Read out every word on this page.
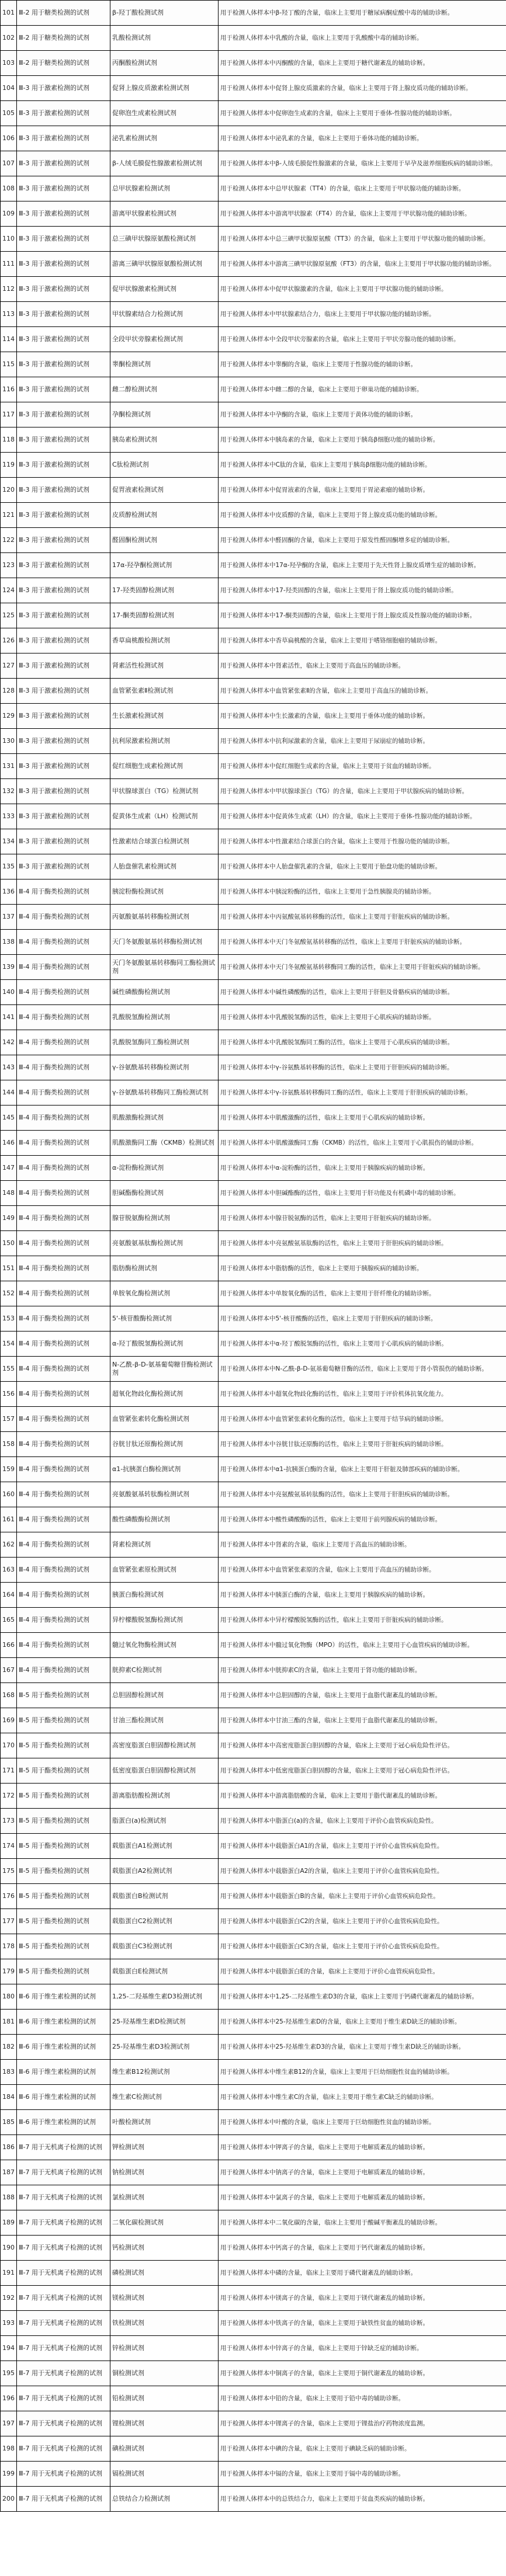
101	Ⅲ-2 用于糖类检测的试剂	β-羟丁酸检测试剂	用于检测人体样本中β-羟丁酸的含量，临床上主要用于糖尿病酮症酸中毒的辅助诊断。
102	Ⅲ-2 用于糖类检测的试剂	乳酸检测试剂	用于检测人体样本中乳酸的含量，临床上主要用于乳酸酸中毒的辅助诊断。
103	Ⅲ-2 用于糖类检测的试剂	丙酮酸检测试剂	用于检测人体样本中丙酮酸的含量，临床上主要用于糖代谢紊乱的辅助诊断。
104	Ⅲ-3 用于激素检测的试剂	促肾上腺皮质激素检测试剂	用于检测人体样本中促肾上腺皮质激素的含量，临床上主要用于肾上腺皮质功能的辅助诊断。
105	Ⅲ-3 用于激素检测的试剂	促卵泡生成素检测试剂	用于检测人体样本中促卵泡生成素的含量，临床上主要用于垂体-性腺功能的辅助诊断。
106	Ⅲ-3 用于激素检测的试剂	泌乳素检测试剂	用于检测人体样本中泌乳素的含量，临床上主要用于垂体功能的辅助诊断。
107	Ⅲ-3 用于激素检测的试剂	β-人绒毛膜促性腺激素检测试剂	用于检测人体样本中β-人绒毛膜促性腺激素的含量，临床上主要用于早孕及滋养细胞疾病的辅助诊断。
108	Ⅲ-3 用于激素检测的试剂	总甲状腺素检测试剂	用于检测人体样本中总甲状腺素（TT4）的含量，临床上主要用于甲状腺功能的辅助诊断。
109	Ⅲ-3 用于激素检测的试剂	游离甲状腺素检测试剂	用于检测人体样本中游离甲状腺素（FT4）的含量，临床上主要用于甲状腺功能的辅助诊断。
110	Ⅲ-3 用于激素检测的试剂	总三碘甲状腺原氨酸检测试剂	用于检测人体样本中总三碘甲状腺原氨酸（TT3）的含量，临床上主要用于甲状腺功能的辅助诊断。
111	Ⅲ-3 用于激素检测的试剂	游离三碘甲状腺原氨酸检测试剂	用于检测人体样本中游离三碘甲状腺原氨酸（FT3）的含量，临床上主要用于甲状腺功能的辅助诊断。
112	Ⅲ-3 用于激素检测的试剂	促甲状腺激素检测试剂	用于检测人体样本中促甲状腺激素的含量，临床上主要用于甲状腺功能的辅助诊断。
113	Ⅲ-3 用于激素检测的试剂	甲状腺素结合力检测试剂	用于检测人体样本中甲状腺素结合力，临床上主要用于甲状腺功能的辅助诊断。
114	Ⅲ-3 用于激素检测的试剂	全段甲状旁腺素检测试剂	用于检测人体样本中全段甲状旁腺素的含量，临床上主要用于甲状旁腺功能的辅助诊断。
115	Ⅲ-3 用于激素检测的试剂	睾酮检测试剂	用于检测人体样本中睾酮的含量，临床上主要用于性腺功能的辅助诊断。
116	Ⅲ-3 用于激素检测的试剂	雌二醇检测试剂	用于检测人体样本中雌二醇的含量，临床上主要用于卵巢功能的辅助诊断。
117	Ⅲ-3 用于激素检测的试剂	孕酮检测试剂	用于检测人体样本中孕酮的含量，临床上主要用于黄体功能的辅助诊断。
118	Ⅲ-3 用于激素检测的试剂	胰岛素检测试剂	用于检测人体样本中胰岛素的含量，临床上主要用于胰岛β细胞功能的辅助诊断。
119	Ⅲ-3 用于激素检测的试剂	C肽检测试剂	用于检测人体样本中C肽的含量，临床上主要用于胰岛β细胞功能的辅助诊断。
120	Ⅲ-3 用于激素检测的试剂	促胃液素检测试剂	用于检测人体样本中促胃液素的含量，临床上主要用于胃泌素瘤的辅助诊断。
121	Ⅲ-3 用于激素检测的试剂	皮质醇检测试剂	用于检测人体样本中皮质醇的含量，临床上主要用于肾上腺皮质功能的辅助诊断。
122	Ⅲ-3 用于激素检测的试剂	醛固酮检测试剂	用于检测人体样本中醛固酮的含量，临床上主要用于原发性醛固酮增多症的辅助诊断。
123	Ⅲ-3 用于激素检测的试剂	17α-羟孕酮检测试剂	用于检测人体样本中17α-羟孕酮的含量，临床上主要用于先天性肾上腺皮质增生症的辅助诊断。
124	Ⅲ-3 用于激素检测的试剂	17-羟类固醇检测试剂	用于检测人体样本中17-羟类固醇的含量，临床上主要用于肾上腺皮质功能的辅助诊断。
125	Ⅲ-3 用于激素检测的试剂	17-酮类固醇检测试剂	用于检测人体样本中17-酮类固醇的含量，临床上主要用于肾上腺皮质及性腺功能的辅助诊断。
126	Ⅲ-3 用于激素检测的试剂	香草扁桃酸检测试剂	用于检测人体样本中香草扁桃酸的含量，临床上主要用于嗜铬细胞瘤的辅助诊断。
127	Ⅲ-3 用于激素检测的试剂	肾素活性检测试剂	用于检测人体样本中肾素活性，临床上主要用于高血压的辅助诊断。
128	Ⅲ-3 用于激素检测的试剂	血管紧张素Ⅱ检测试剂	用于检测人体样本中血管紧张素Ⅱ的含量，临床上主要用于高血压的辅助诊断。
129	Ⅲ-3 用于激素检测的试剂	生长激素检测试剂	用于检测人体样本中生长激素的含量，临床上主要用于垂体功能的辅助诊断。
130	Ⅲ-3 用于激素检测的试剂	抗利尿激素检测试剂	用于检测人体样本中抗利尿激素的含量，临床上主要用于尿崩症的辅助诊断。
131	Ⅲ-3 用于激素检测的试剂	促红细胞生成素检测试剂	用于检测人体样本中促红细胞生成素的含量，临床上主要用于贫血的辅助诊断。
132	Ⅲ-3 用于激素检测的试剂	甲状腺球蛋白（TG）检测试剂	用于检测人体样本中甲状腺球蛋白（TG）的含量，临床上主要用于甲状腺疾病的辅助诊断。
133	Ⅲ-3 用于激素检测的试剂	促黄体生成素（LH）检测试剂	用于检测人体样本中促黄体生成素（LH）的含量，临床上主要用于垂体-性腺功能的辅助诊断。
134	Ⅲ-3 用于激素检测的试剂	性激素结合球蛋白检测试剂	用于检测人体样本中性激素结合球蛋白的含量，临床上主要用于性腺功能的辅助诊断。
135	Ⅲ-3 用于激素检测的试剂	人胎盘催乳素检测试剂	用于检测人体样本中人胎盘催乳素的含量，临床上主要用于胎盘功能的辅助诊断。
136	Ⅲ-4 用于酶类检测的试剂	胰淀粉酶检测试剂	用于检测人体样本中胰淀粉酶的活性，临床上主要用于急性胰腺炎的辅助诊断。
137	Ⅲ-4 用于酶类检测的试剂	丙氨酸氨基转移酶检测试剂	用于检测人体样本中丙氨酸氨基转移酶的活性，临床上主要用于肝脏疾病的辅助诊断。
138	Ⅲ-4 用于酶类检测的试剂	天门冬氨酸氨基转移酶检测试剂	用于检测人体样本中天门冬氨酸氨基转移酶的活性，临床上主要用于肝脏疾病的辅助诊断。
139	Ⅲ-4 用于酶类检测的试剂	天门冬氨酸氨基转移酶同工酶检测试剂	用于检测人体样本中天门冬氨酸氨基转移酶同工酶的活性，临床上主要用于肝脏疾病的辅助诊断。
140	Ⅲ-4 用于酶类检测的试剂	碱性磷酸酶检测试剂	用于检测人体样本中碱性磷酸酶的活性，临床上主要用于肝胆及骨骼疾病的辅助诊断。
141	Ⅲ-4 用于酶类检测的试剂	乳酸脱氢酶检测试剂	用于检测人体样本中乳酸脱氢酶的活性，临床上主要用于心肌疾病的辅助诊断。
142	Ⅲ-4 用于酶类检测的试剂	乳酸脱氢酶同工酶检测试剂	用于检测人体样本中乳酸脱氢酶同工酶的活性，临床上主要用于心肌疾病的辅助诊断。
143	Ⅲ-4 用于酶类检测的试剂	γ-谷氨酰基转移酶检测试剂	用于检测人体样本中γ-谷氨酰基转移酶的活性，临床上主要用于肝胆疾病的辅助诊断。
144	Ⅲ-4 用于酶类检测的试剂	γ-谷氨酰基转移酶同工酶检测试剂	用于检测人体样本中γ-谷氨酰基转移酶同工酶的活性，临床上主要用于肝胆疾病的辅助诊断。
145	Ⅲ-4 用于酶类检测的试剂	肌酸激酶检测试剂	用于检测人体样本中肌酸激酶的活性，临床上主要用于心肌疾病的辅助诊断。
146	Ⅲ-4 用于酶类检测的试剂	肌酸激酶同工酶（CKMB）检测试剂	用于检测人体样本中肌酸激酶同工酶（CKMB）的活性，临床上主要用于心肌损伤的辅助诊断。
147	Ⅲ-4 用于酶类检测的试剂	α-淀粉酶检测试剂	用于检测人体样本中α-淀粉酶的活性，临床上主要用于胰腺疾病的辅助诊断。
148	Ⅲ-4 用于酶类检测的试剂	胆碱酯酶检测试剂	用于检测人体样本中胆碱酯酶的活性，临床上主要用于肝功能及有机磷中毒的辅助诊断。
149	Ⅲ-4 用于酶类检测的试剂	腺苷脱氨酶检测试剂	用于检测人体样本中腺苷脱氨酶的活性，临床上主要用于肝脏疾病的辅助诊断。
150	Ⅲ-4 用于酶类检测的试剂	亮氨酸氨基肽酶检测试剂	用于检测人体样本中亮氨酸氨基肽酶的活性，临床上主要用于肝胆疾病的辅助诊断。
151	Ⅲ-4 用于酶类检测的试剂	脂肪酶检测试剂	用于检测人体样本中脂肪酶的活性，临床上主要用于胰腺疾病的辅助诊断。
152	Ⅲ-4 用于酶类检测的试剂	单胺氧化酶检测试剂	用于检测人体样本中单胺氧化酶的活性，临床上主要用于肝纤维化的辅助诊断。
153	Ⅲ-4 用于酶类检测的试剂	5'-核苷酸酶检测试剂	用于检测人体样本中5'-核苷酸酶的活性，临床上主要用于肝胆疾病的辅助诊断。
154	Ⅲ-4 用于酶类检测的试剂	α-羟丁酸脱氢酶检测试剂	用于检测人体样本中α-羟丁酸脱氢酶的活性，临床上主要用于心肌疾病的辅助诊断。
155	Ⅲ-4 用于酶类检测的试剂	N-乙酰-β-D-氨基葡萄糖苷酶检测试剂	用于检测人体样本中N-乙酰-β-D-氨基葡萄糖苷酶的活性，临床上主要用于肾小管损伤的辅助诊断。
156	Ⅲ-4 用于酶类检测的试剂	超氧化物歧化酶检测试剂	用于检测人体样本中超氧化物歧化酶的活性，临床上主要用于评价机体抗氧化能力。
157	Ⅲ-4 用于酶类检测的试剂	血管紧张素转化酶检测试剂	用于检测人体样本中血管紧张素转化酶的活性，临床上主要用于结节病的辅助诊断。
158	Ⅲ-4 用于酶类检测的试剂	谷胱甘肽还原酶检测试剂	用于检测人体样本中谷胱甘肽还原酶的活性，临床上主要用于肝脏疾病的辅助诊断。
159	Ⅲ-4 用于酶类检测的试剂	α1-抗胰蛋白酶检测试剂	用于检测人体样本中α1-抗胰蛋白酶的含量，临床上主要用于肝脏及肺部疾病的辅助诊断。
160	Ⅲ-4 用于酶类检测的试剂	亮氨酸氨基转肽酶检测试剂	用于检测人体样本中亮氨酸氨基转肽酶的活性，临床上主要用于肝胆疾病的辅助诊断。
161	Ⅲ-4 用于酶类检测的试剂	酸性磷酸酶检测试剂	用于检测人体样本中酸性磷酸酶的活性，临床上主要用于前列腺疾病的辅助诊断。
162	Ⅲ-4 用于酶类检测的试剂	肾素检测试剂	用于检测人体样本中肾素的含量，临床上主要用于高血压的辅助诊断。
163	Ⅲ-4 用于酶类检测的试剂	血管紧张素原检测试剂	用于检测人体样本中血管紧张素原的含量，临床上主要用于高血压的辅助诊断。
164	Ⅲ-4 用于酶类检测的试剂	胰蛋白酶检测试剂	用于检测人体样本中胰蛋白酶的含量，临床上主要用于胰腺疾病的辅助诊断。
165	Ⅲ-4 用于酶类检测的试剂	异柠檬酸脱氢酶检测试剂	用于检测人体样本中异柠檬酸脱氢酶的活性，临床上主要用于肝脏疾病的辅助诊断。
166	Ⅲ-4 用于酶类检测的试剂	髓过氧化物酶检测试剂	用于检测人体样本中髓过氧化物酶（MPO）的活性，临床上主要用于心血管疾病的辅助诊断。
167	Ⅲ-4 用于酶类检测的试剂	胱抑素C检测试剂	用于检测人体样本中胱抑素C的含量，临床上主要用于肾功能的辅助诊断。
168	Ⅲ-5 用于酯类检测的试剂	总胆固醇检测试剂	用于检测人体样本中总胆固醇的含量，临床上主要用于血脂代谢紊乱的辅助诊断。
169	Ⅲ-5 用于酯类检测的试剂	甘油三酯检测试剂	用于检测人体样本中甘油三酯的含量，临床上主要用于血脂代谢紊乱的辅助诊断。
170	Ⅲ-5 用于酯类检测的试剂	高密度脂蛋白胆固醇检测试剂	用于检测人体样本中高密度脂蛋白胆固醇的含量，临床上主要用于冠心病危险性评估。
171	Ⅲ-5 用于酯类检测的试剂	低密度脂蛋白胆固醇检测试剂	用于检测人体样本中低密度脂蛋白胆固醇的含量，临床上主要用于冠心病危险性评估。
172	Ⅲ-5 用于酯类检测的试剂	游离脂肪酸检测试剂	用于检测人体样本中游离脂肪酸的含量，临床上主要用于脂代谢紊乱的辅助诊断。
173	Ⅲ-5 用于酯类检测的试剂	脂蛋白(a)检测试剂	用于检测人体样本中脂蛋白(a)的含量，临床上主要用于评价心血管疾病危险性。
174	Ⅲ-5 用于酯类检测的试剂	载脂蛋白A1检测试剂	用于检测人体样本中载脂蛋白A1的含量，临床上主要用于评价心血管疾病危险性。
175	Ⅲ-5 用于酯类检测的试剂	载脂蛋白A2检测试剂	用于检测人体样本中载脂蛋白A2的含量，临床上主要用于评价心血管疾病危险性。
176	Ⅲ-5 用于酯类检测的试剂	载脂蛋白B检测试剂	用于检测人体样本中载脂蛋白B的含量，临床上主要用于评价心血管疾病危险性。
177	Ⅲ-5 用于酯类检测的试剂	载脂蛋白C2检测试剂	用于检测人体样本中载脂蛋白C2的含量，临床上主要用于评价心血管疾病危险性。
178	Ⅲ-5 用于酯类检测的试剂	载脂蛋白C3检测试剂	用于检测人体样本中载脂蛋白C3的含量，临床上主要用于评价心血管疾病危险性。
179	Ⅲ-5 用于酯类检测的试剂	载脂蛋白E检测试剂	用于检测人体样本中载脂蛋白E的含量，临床上主要用于评价心血管疾病危险性。
180	Ⅲ-6 用于维生素检测的试剂	1,25-二羟基维生素D3检测试剂	用于检测人体样本中1,25-二羟基维生素D3的含量，临床上主要用于钙磷代谢紊乱的辅助诊断。
181	Ⅲ-6 用于维生素检测的试剂	25-羟基维生素D检测试剂	用于检测人体样本中25-羟基维生素D的含量，临床上主要用于维生素D缺乏的辅助诊断。
182	Ⅲ-6 用于维生素检测的试剂	25-羟基维生素D3检测试剂	用于检测人体样本中25-羟基维生素D3的含量，临床上主要用于维生素D缺乏的辅助诊断。
183	Ⅲ-6 用于维生素检测的试剂	维生素B12检测试剂	用于检测人体样本中维生素B12的含量，临床上主要用于巨幼细胞性贫血的辅助诊断。
184	Ⅲ-6 用于维生素检测的试剂	维生素C检测试剂	用于检测人体样本中维生素C的含量，临床上主要用于维生素C缺乏的辅助诊断。
185	Ⅲ-6 用于维生素检测的试剂	叶酸检测试剂	用于检测人体样本中叶酸的含量，临床上主要用于巨幼细胞性贫血的辅助诊断。
186	Ⅲ-7 用于无机离子检测的试剂	钾检测试剂	用于检测人体样本中钾离子的含量，临床上主要用于电解质紊乱的辅助诊断。
187	Ⅲ-7 用于无机离子检测的试剂	钠检测试剂	用于检测人体样本中钠离子的含量，临床上主要用于电解质紊乱的辅助诊断。
188	Ⅲ-7 用于无机离子检测的试剂	氯检测试剂	用于检测人体样本中氯离子的含量，临床上主要用于电解质紊乱的辅助诊断。
189	Ⅲ-7 用于无机离子检测的试剂	二氧化碳检测试剂	用于检测人体样本中二氧化碳的含量，临床上主要用于酸碱平衡紊乱的辅助诊断。
190	Ⅲ-7 用于无机离子检测的试剂	钙检测试剂	用于检测人体样本中钙离子的含量，临床上主要用于钙代谢紊乱的辅助诊断。
191	Ⅲ-7 用于无机离子检测的试剂	磷检测试剂	用于检测人体样本中磷的含量，临床上主要用于磷代谢紊乱的辅助诊断。
192	Ⅲ-7 用于无机离子检测的试剂	镁检测试剂	用于检测人体样本中镁离子的含量，临床上主要用于镁代谢紊乱的辅助诊断。
193	Ⅲ-7 用于无机离子检测的试剂	铁检测试剂	用于检测人体样本中铁离子的含量，临床上主要用于缺铁性贫血的辅助诊断。
194	Ⅲ-7 用于无机离子检测的试剂	锌检测试剂	用于检测人体样本中锌离子的含量，临床上主要用于锌缺乏症的辅助诊断。
195	Ⅲ-7 用于无机离子检测的试剂	铜检测试剂	用于检测人体样本中铜离子的含量，临床上主要用于铜代谢紊乱的辅助诊断。
196	Ⅲ-7 用于无机离子检测的试剂	铅检测试剂	用于检测人体样本中铅的含量，临床上主要用于铅中毒的辅助诊断。
197	Ⅲ-7 用于无机离子检测的试剂	锂检测试剂	用于检测人体样本中锂离子的含量，临床上主要用于锂盐治疗药物浓度监测。
198	Ⅲ-7 用于无机离子检测的试剂	碘检测试剂	用于检测人体样本中碘的含量，临床上主要用于碘缺乏病的辅助诊断。
199	Ⅲ-7 用于无机离子检测的试剂	镉检测试剂	用于检测人体样本中镉的含量，临床上主要用于镉中毒的辅助诊断。
200	Ⅲ-7 用于无机离子检测的试剂	总铁结合力检测试剂	用于检测人体样本中的总铁结合力，临床上主要用于贫血类疾病的辅助诊断。
